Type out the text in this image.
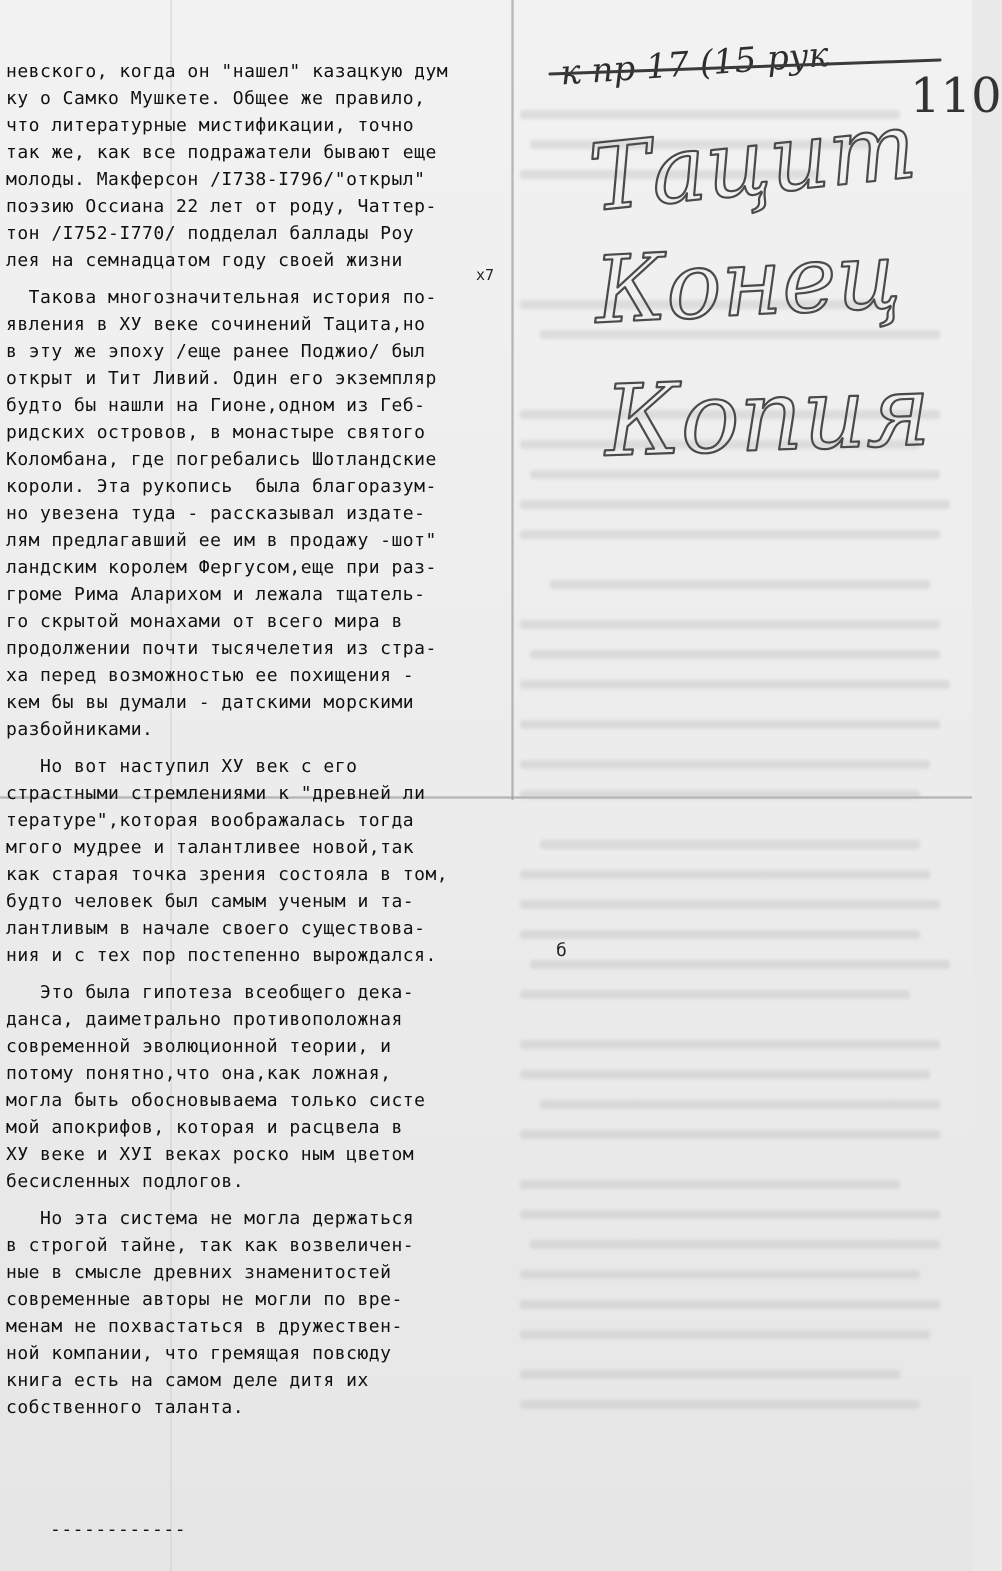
к пр 17 (15 рук
Тацит
Конец
Копия
110
невского, когда он "нашел" казацкую дум
ку о Самко Мушкете. Общее же правило,
что литературные мистификации, точно
так же, как все подражатели бывают еще
молоды. Макферсон /I738-I796/"открыл"
поэзию Оссиана 22 лет от роду, Чаттер-
тон /I752-I770/ подделал баллады Роу
лея на семнадцатом году своей жизни
Такова многозначительная история по-
явления в ХУ веке сочинений Тацита,но
в эту же эпоху /еще ранее Поджио/ был
открыт и Тит Ливий. Один его экземпляр
будто бы нашли на Гионе,одном из Геб-
ридских островов, в монастыре святого
Коломбана, где погребались Шотландские
короли. Эта рукопись  была благоразум-
но увезена туда - рассказывал издате-
лям предлагавший ее им в продажу -шот"
ландским королем Фергусом,еще при раз-
громе Рима Аларихом и лежала тщатель-
го скрытой монахами от всего мира в
продолжении почти тысячелетия из стра-
ха перед возможностью ее похищения -
кем бы вы думали - датскими морскими
разбойниками.
Но вот наступил ХУ век с его
страстными стремлениями к "древней ли
тературе",которая воображалась тогда
мгого мудрее и талантливее новой,так
как старая точка зрения состояла в том,
будто человек был самым ученым и та-
лантливым в начале своего существова-
ния и с тех пор постепенно вырождался.
Это была гипотеза всеобщего дека-
данса, даиметрально противоположная
современной эволюционной теории, и
потому понятно,что она,как ложная,
могла быть обосновываема только систе
мой апокрифов, которая и расцвела в
ХУ веке и ХУI веках роско ным цветом
бесисленных подлогов.
Но эта система не могла держаться
в строгой тайне, так как возвеличен-
ные в смысле древних знаменитостей
современные авторы не могли по вре-
менам не похвастаться в дружествен-
ной компании, что гремящая повсюду
книга есть на самом деле дитя их
собственного таланта.
x7
б
------------
